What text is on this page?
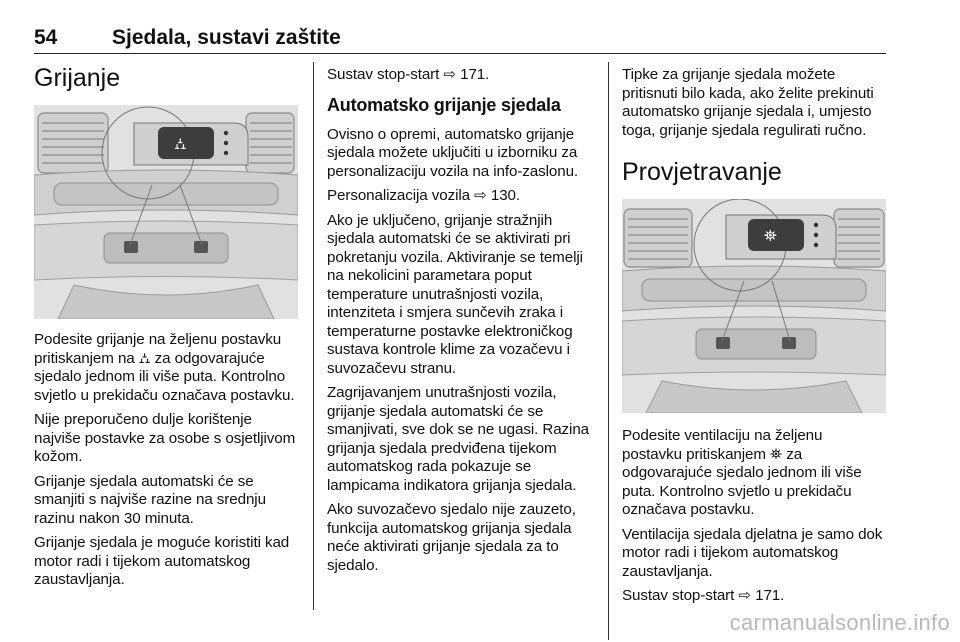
54	Sjedala, sustavi zaštite
Grijanje
⛼

Podesite grijanje na željenu postavku pritiskanjem na ⛼ za odgovarajuće sjedalo jednom ili više puta. Kontrolno svjetlo u prekidaču označava postavku.

Nije preporučeno dulje korištenje najviše postavke za osobe s osjetljivom kožom.

Grijanje sjedala automatski će se smanjiti s najviše razine na srednju razinu nakon 30 minuta.

Grijanje sjedala je moguće koristiti kad motor radi i tijekom automatskog zaustavljanja.

Sustav stop-start ⇨ 171.

Automatsko grijanje sjedala

Ovisno o opremi, automatsko grijanje sjedala možete uključiti u izborniku za personalizaciju vozila na info-zaslonu.

Personalizacija vozila ⇨ 130.

Ako je uključeno, grijanje stražnjih sjedala automatski će se aktivirati pri pokretanju vozila. Aktiviranje se temelji na nekolicini parametara poput temperature unutrašnjosti vozila, intenziteta i smjera sunčevih zraka i temperaturne postavke elektroničkog sustava kontrole klime za vozačevu i suvozačevu stranu.

Zagrijavanjem unutrašnjosti vozila, grijanje sjedala automatski će se smanjivati, sve dok se ne ugasi. Razina grijanja sjedala predviđena tijekom automatskog rada pokazuje se lampicama indikatora grijanja sjedala.

Ako suvozačevo sjedalo nije zauzeto, funkcija automatskog grijanja sjedala neće aktivirati grijanje sjedala za to sjedalo.

Tipke za grijanje sjedala možete pritisnuti bilo kada, ako želite prekinuti automatsko grijanje sjedala i, umjesto toga, grijanje sjedala regulirati ručno.

Provjetravanje
⛯

Podesite ventilaciju na željenu postavku pritiskanjem ⛯ za odgovarajuće sjedalo jednom ili više puta. Kontrolno svjetlo u prekidaču označava postavku.

Ventilacija sjedala djelatna je samo dok motor radi i tijekom automatskog zaustavljanja.

Sustav stop-start ⇨ 171.

carmanualsonline.info
